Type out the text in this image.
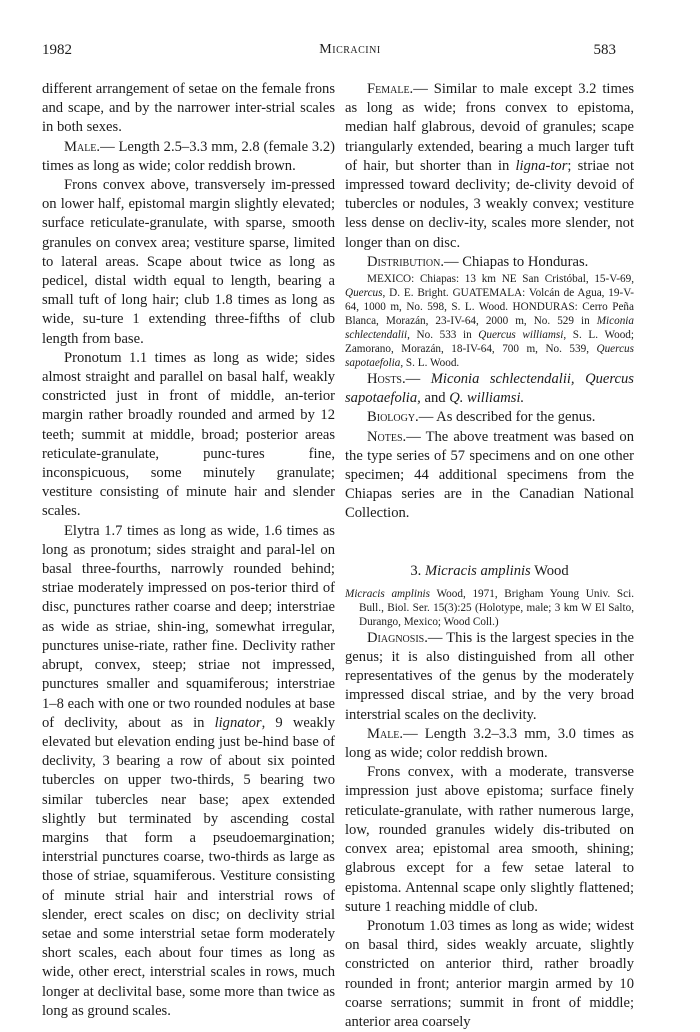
1982	Micracini	583

different arrangement of setae on the female frons and scape, and by the narrower inter-strial scales in both sexes.

Male.— Length 2.5–3.3 mm, 2.8 (female 3.2) times as long as wide; color reddish brown.

Frons convex above, transversely im-pressed on lower half, epistomal margin slightly elevated; surface reticulate-granulate, with sparse, smooth granules on convex area; vestiture sparse, limited to lateral areas. Scape about twice as long as pedicel, distal width equal to length, bearing a small tuft of long hair; club 1.8 times as long as wide, su-ture 1 extending three-fifths of club length from base.

Pronotum 1.1 times as long as wide; sides almost straight and parallel on basal half, weakly constricted just in front of middle, an-terior margin rather broadly rounded and armed by 12 teeth; summit at middle, broad; posterior areas reticulate-granulate, punc-tures fine, inconspicuous, some minutely granulate; vestiture consisting of minute hair and slender scales.

Elytra 1.7 times as long as wide, 1.6 times as long as pronotum; sides straight and paral-lel on basal three-fourths, narrowly rounded behind; striae moderately impressed on pos-terior third of disc, punctures rather coarse and deep; interstriae as wide as striae, shin-ing, somewhat irregular, punctures unise-riate, rather fine. Declivity rather abrupt, convex, steep; striae not impressed, punctures smaller and squamiferous; interstriae 1–8 each with one or two rounded nodules at base of declivity, about as in lignator, 9 weakly elevated but elevation ending just be-hind base of declivity, 3 bearing a row of about six pointed tubercles on upper two-thirds, 5 bearing two similar tubercles near base; apex extended slightly but terminated by ascending costal margins that form a pseudoemargination; interstrial punctures coarse, two-thirds as large as those of striae, squamiferous. Vestiture consisting of minute strial hair and interstrial rows of slender, erect scales on disc; on declivity strial setae and some interstrial setae form moderately short scales, each about four times as long as wide, other erect, interstrial scales in rows, much longer at declivital base, some more than twice as long as ground scales.

Female.— Similar to male except 3.2 times as long as wide; frons convex to epistoma, median half glabrous, devoid of granules; scape triangularly extended, bearing a much larger tuft of hair, but shorter than in ligna-tor; striae not impressed toward declivity; de-clivity devoid of tubercles or nodules, 3 weakly convex; vestiture less dense on decliv-ity, scales more slender, not longer than on disc.

Distribution.— Chiapas to Honduras.

MEXICO: Chiapas: 13 km NE San Cristóbal, 15-V-69, Quercus, D. E. Bright. GUATEMALA: Volcán de Agua, 19-V-64, 1000 m, No. 598, S. L. Wood. HONDURAS: Cerro Peña Blanca, Morazán, 23-IV-64, 2000 m, No. 529 in Miconia schlectendalii, No. 533 in Quercus williamsi, S. L. Wood; Zamorano, Morazán, 18-IV-64, 700 m, No. 539, Quercus sapotaefolia, S. L. Wood.

Hosts.— Miconia schlectendalii, Quercus sapotaefolia, and Q. williamsi.

Biology.— As described for the genus.

Notes.— The above treatment was based on the type series of 57 specimens and on one other specimen; 44 additional specimens from the Chiapas series are in the Canadian National Collection.

3. Micracis amplinis Wood

Micracis amplinis Wood, 1971, Brigham Young Univ. Sci. Bull., Biol. Ser. 15(3):25 (Holotype, male; 3 km W El Salto, Durango, Mexico; Wood Coll.)

Diagnosis.— This is the largest species in the genus; it is also distinguished from all other representatives of the genus by the moderately impressed discal striae, and by the very broad interstrial scales on the declivity.

Male.— Length 3.2–3.3 mm, 3.0 times as long as wide; color reddish brown.

Frons convex, with a moderate, transverse impression just above epistoma; surface finely reticulate-granulate, with rather numerous large, low, rounded granules widely dis-tributed on convex area; epistomal area smooth, shining; glabrous except for a few setae lateral to epistoma. Antennal scape only slightly flattened; suture 1 reaching middle of club.

Pronotum 1.03 times as long as wide; widest on basal third, sides weakly arcuate, slightly constricted on anterior third, rather broadly rounded in front; anterior margin armed by 10 coarse serrations; summit in front of middle; anterior area coarsely
